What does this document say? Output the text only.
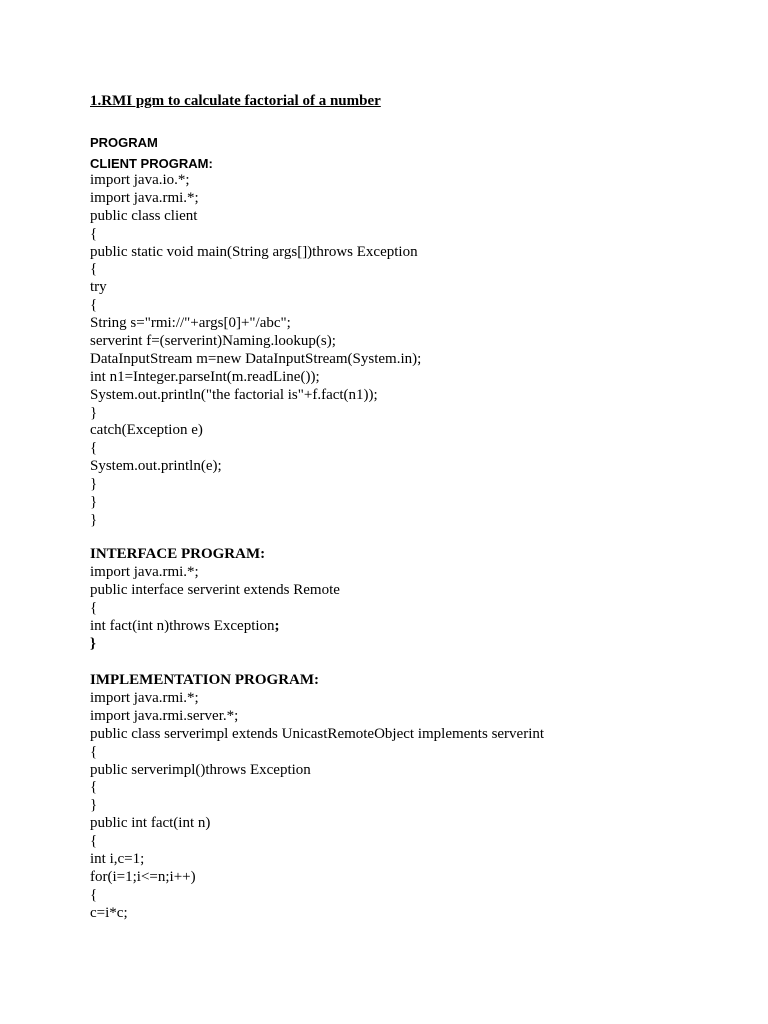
1.RMI pgm to calculate factorial of a number
PROGRAM
CLIENT PROGRAM:
import java.io.*;
import java.rmi.*;
public class client
{
public static void main(String args[])throws Exception
{
try
{
String s="rmi://"+args[0]+"/abc";
serverint f=(serverint)Naming.lookup(s);
DataInputStream m=new DataInputStream(System.in);
int n1=Integer.parseInt(m.readLine());
System.out.println("the factorial is"+f.fact(n1));
}
catch(Exception e)
{
System.out.println(e);
}
}
}
INTERFACE PROGRAM:
import java.rmi.*;
public interface serverint extends Remote
{
int fact(int n)throws Exception;
}
IMPLEMENTATION PROGRAM:
import java.rmi.*;
import java.rmi.server.*;
public class serverimpl extends UnicastRemoteObject implements serverint
{
public serverimpl()throws Exception
{
}
public int fact(int n)
{
int i,c=1;
for(i=1;i<=n;i++)
{
c=i*c;
